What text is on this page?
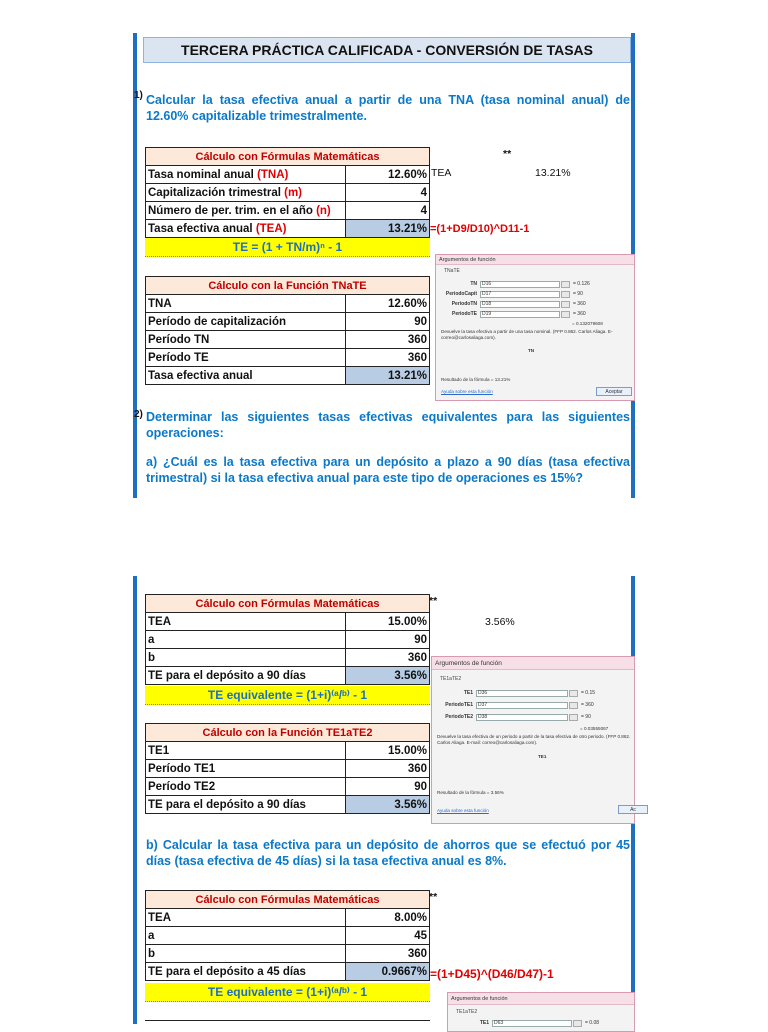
TERCERA PRÁCTICA CALIFICADA - CONVERSIÓN DE TASAS
1) Calcular la tasa efectiva anual a partir de una TNA (tasa nominal anual) de 12.60% capitalizable trimestralmente.
Cálculo con Fórmulas Matemáticas	
Tasa nominal anual (TNA)	12.60%
Capitalización trimestral (m)	4
Número de per. trim. en el año (n)	4
Tasa efectiva anual (TEA)	13.21% =(1+D9/D10)^D11-1
**
TEA	13.21%
TE = (1 + TN/m)ⁿ - 1
Cálculo con la Función TNaTE	
TNA	12.60%
Período de capitalización	90
Período TN	360
Período TE	360
Tasa efectiva anual	13.21%
Argumentos de función
TNaTE
TN	D16	= 0.126
PeriodoCapit	D17	= 90
PeriodoTN	D18	= 360
PeriodoTE	D19	= 360
= 0.132079608
Devuelve la tasa efectiva a partir de una tasa nominal. (FFP 0.862. Carlos Aliaga. E-correo@carlosaliaga.com).
TN
Resultado de la fórmula = 13.21%
Ayuda sobre esta función	Aceptar
2) Determinar las siguientes tasas efectivas equivalentes para las siguientes operaciones:
a) ¿Cuál es la tasa efectiva para un depósito a plazo a 90 días (tasa efectiva trimestral) si la tasa efectiva anual para este tipo de operaciones es 15%?
Cálculo con Fórmulas Matemáticas	
TEA	15.00%
a	90
b	360
TE para el depósito a 90 días	3.56%
**
3.56%
TE equivalente = (1+i)⁽ᵃ/ᵇ⁾ - 1
Cálculo con la Función TE1aTE2	
TE1	15.00%
Período TE1	360
Período TE2	90
TE para el depósito a 90 días	3.56%
Argumentos de función
TE1aTE2
TE1	D36	= 0.15
PeriodoTE1	D37	= 360
PeriodoTE2	D38	= 90
= 0.03555067
Devuelve la tasa efectiva de un periodo a partir de la tasa efectiva de otro periodo. (FFP 0.862. Carlos Aliaga. E-mail: correo@carlosaliaga.com).
TE1
Resultado de la fórmula = 3.56%
Ayuda sobre esta función	Ac
b) Calcular la tasa efectiva para un depósito de ahorros que se efectuó por 45 días (tasa efectiva de 45 días) si la tasa efectiva anual es 8%.
Cálculo con Fórmulas Matemáticas	
TEA	8.00%
a	45
b	360
TE para el depósito a 45 días	0.9667%
**
=(1+D45)^(D46/D47)-1
TE equivalente = (1+i)⁽ᵃ/ᵇ⁾ - 1	Argumentos de función
TE1aTE2
TE1	D63	= 0.08
